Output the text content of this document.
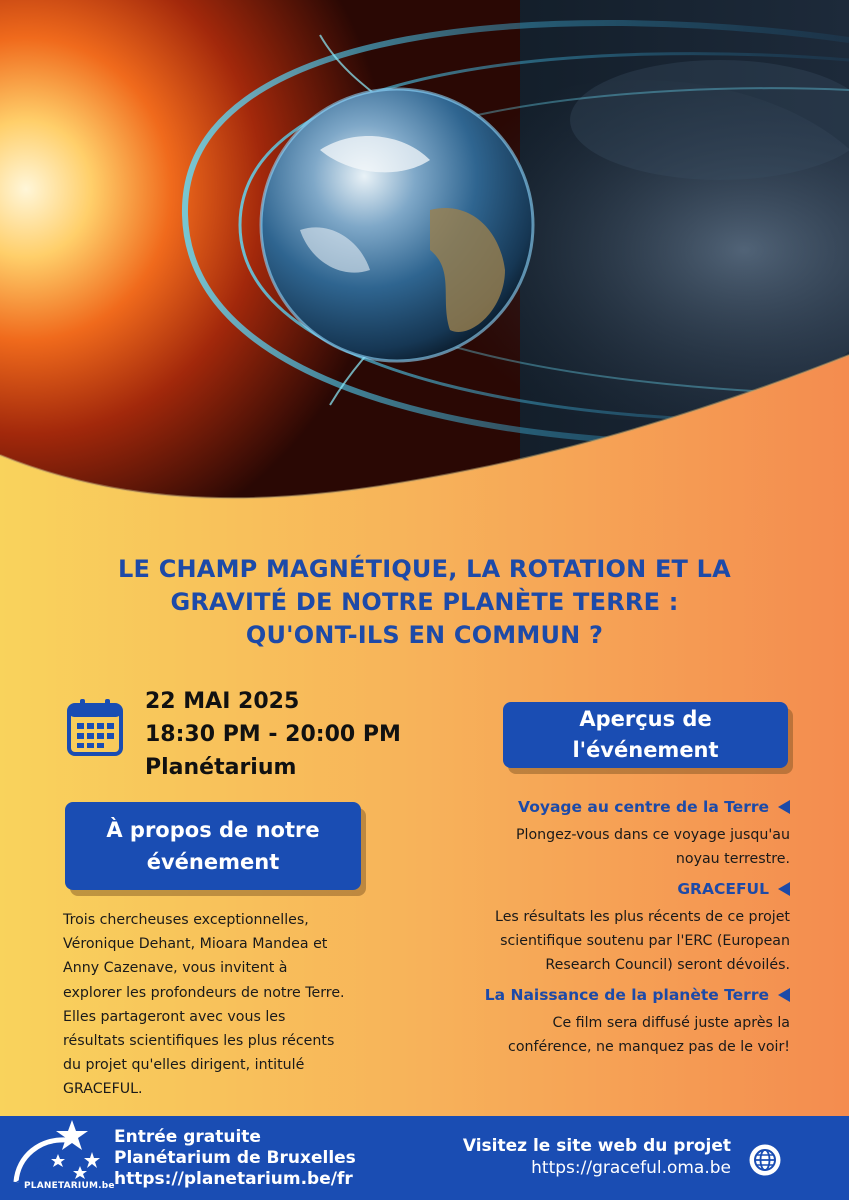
LE CHAMP MAGNÉTIQUE, LA ROTATION ET LA
GRAVITÉ DE NOTRE PLANÈTE TERRE :
QU'ONT-ILS EN COMMUN ?
22 MAI 2025
18:30 PM - 20:00 PM
Planétarium
Aperçus de
l'événement
Voyage au centre de la Terre
Plongez-vous dans ce voyage jusqu'au
noyau terrestre.
GRACEFUL
Les résultats les plus récents de ce projet
scientifique soutenu par l'ERC (European
Research Council) seront dévoilés.
La Naissance de la planète Terre
Ce film sera diffusé juste après la
conférence, ne manquez pas de le voir!
À propos de notre
événement
Trois chercheuses exceptionnelles,
Véronique Dehant, Mioara Mandea et
Anny Cazenave, vous invitent à
explorer les profondeurs de notre Terre.
Elles partageront avec vous les
résultats scientifiques les plus récents
du projet qu'elles dirigent, intitulé
GRACEFUL.
PLANETARIUM.be
Entrée gratuite
Planétarium de Bruxelles
https://planetarium.be/fr
Visitez le site web du projet
https://graceful.oma.be
